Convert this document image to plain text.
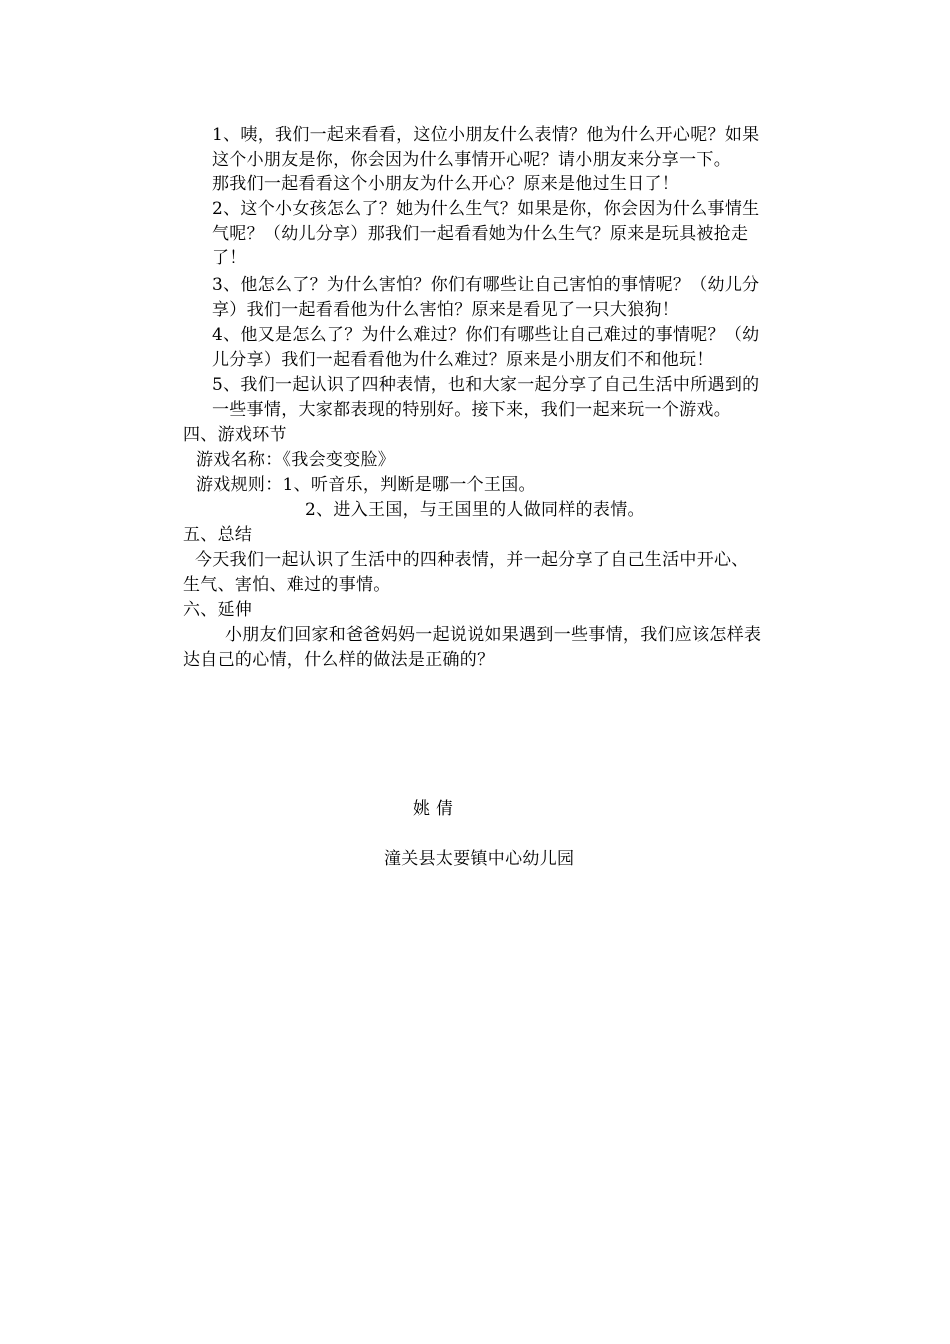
1、咦，我们一起来看看，这位小朋友什么表情？他为什么开心呢？如果
这个小朋友是你，你会因为什么事情开心呢？请小朋友来分享一下。
那我们一起看看这个小朋友为什么开心？原来是他过生日了！
2、这个小女孩怎么了？她为什么生气？如果是你，你会因为什么事情生
气呢？（幼儿分享）那我们一起看看她为什么生气？原来是玩具被抢走
了！
3、他怎么了？为什么害怕？你们有哪些让自己害怕的事情呢？（幼儿分
享）我们一起看看他为什么害怕？原来是看见了一只大狼狗！
4、他又是怎么了？为什么难过？你们有哪些让自己难过的事情呢？（幼
儿分享）我们一起看看他为什么难过？原来是小朋友们不和他玩！
5、我们一起认识了四种表情，也和大家一起分享了自己生活中所遇到的
一些事情，大家都表现的特别好。接下来，我们一起来玩一个游戏。
四、游戏环节
游戏名称：《我会变变脸》
游戏规则：1、听音乐，判断是哪一个王国。
2、进入王国，与王国里的人做同样的表情。
五、总结
今天我们一起认识了生活中的四种表情，并一起分享了自己生活中开心、
生气、害怕、难过的事情。
六、延伸
小朋友们回家和爸爸妈妈一起说说如果遇到一些事情，我们应该怎样表
达自己的心情，什么样的做法是正确的？
姚 倩
潼关县太要镇中心幼儿园
